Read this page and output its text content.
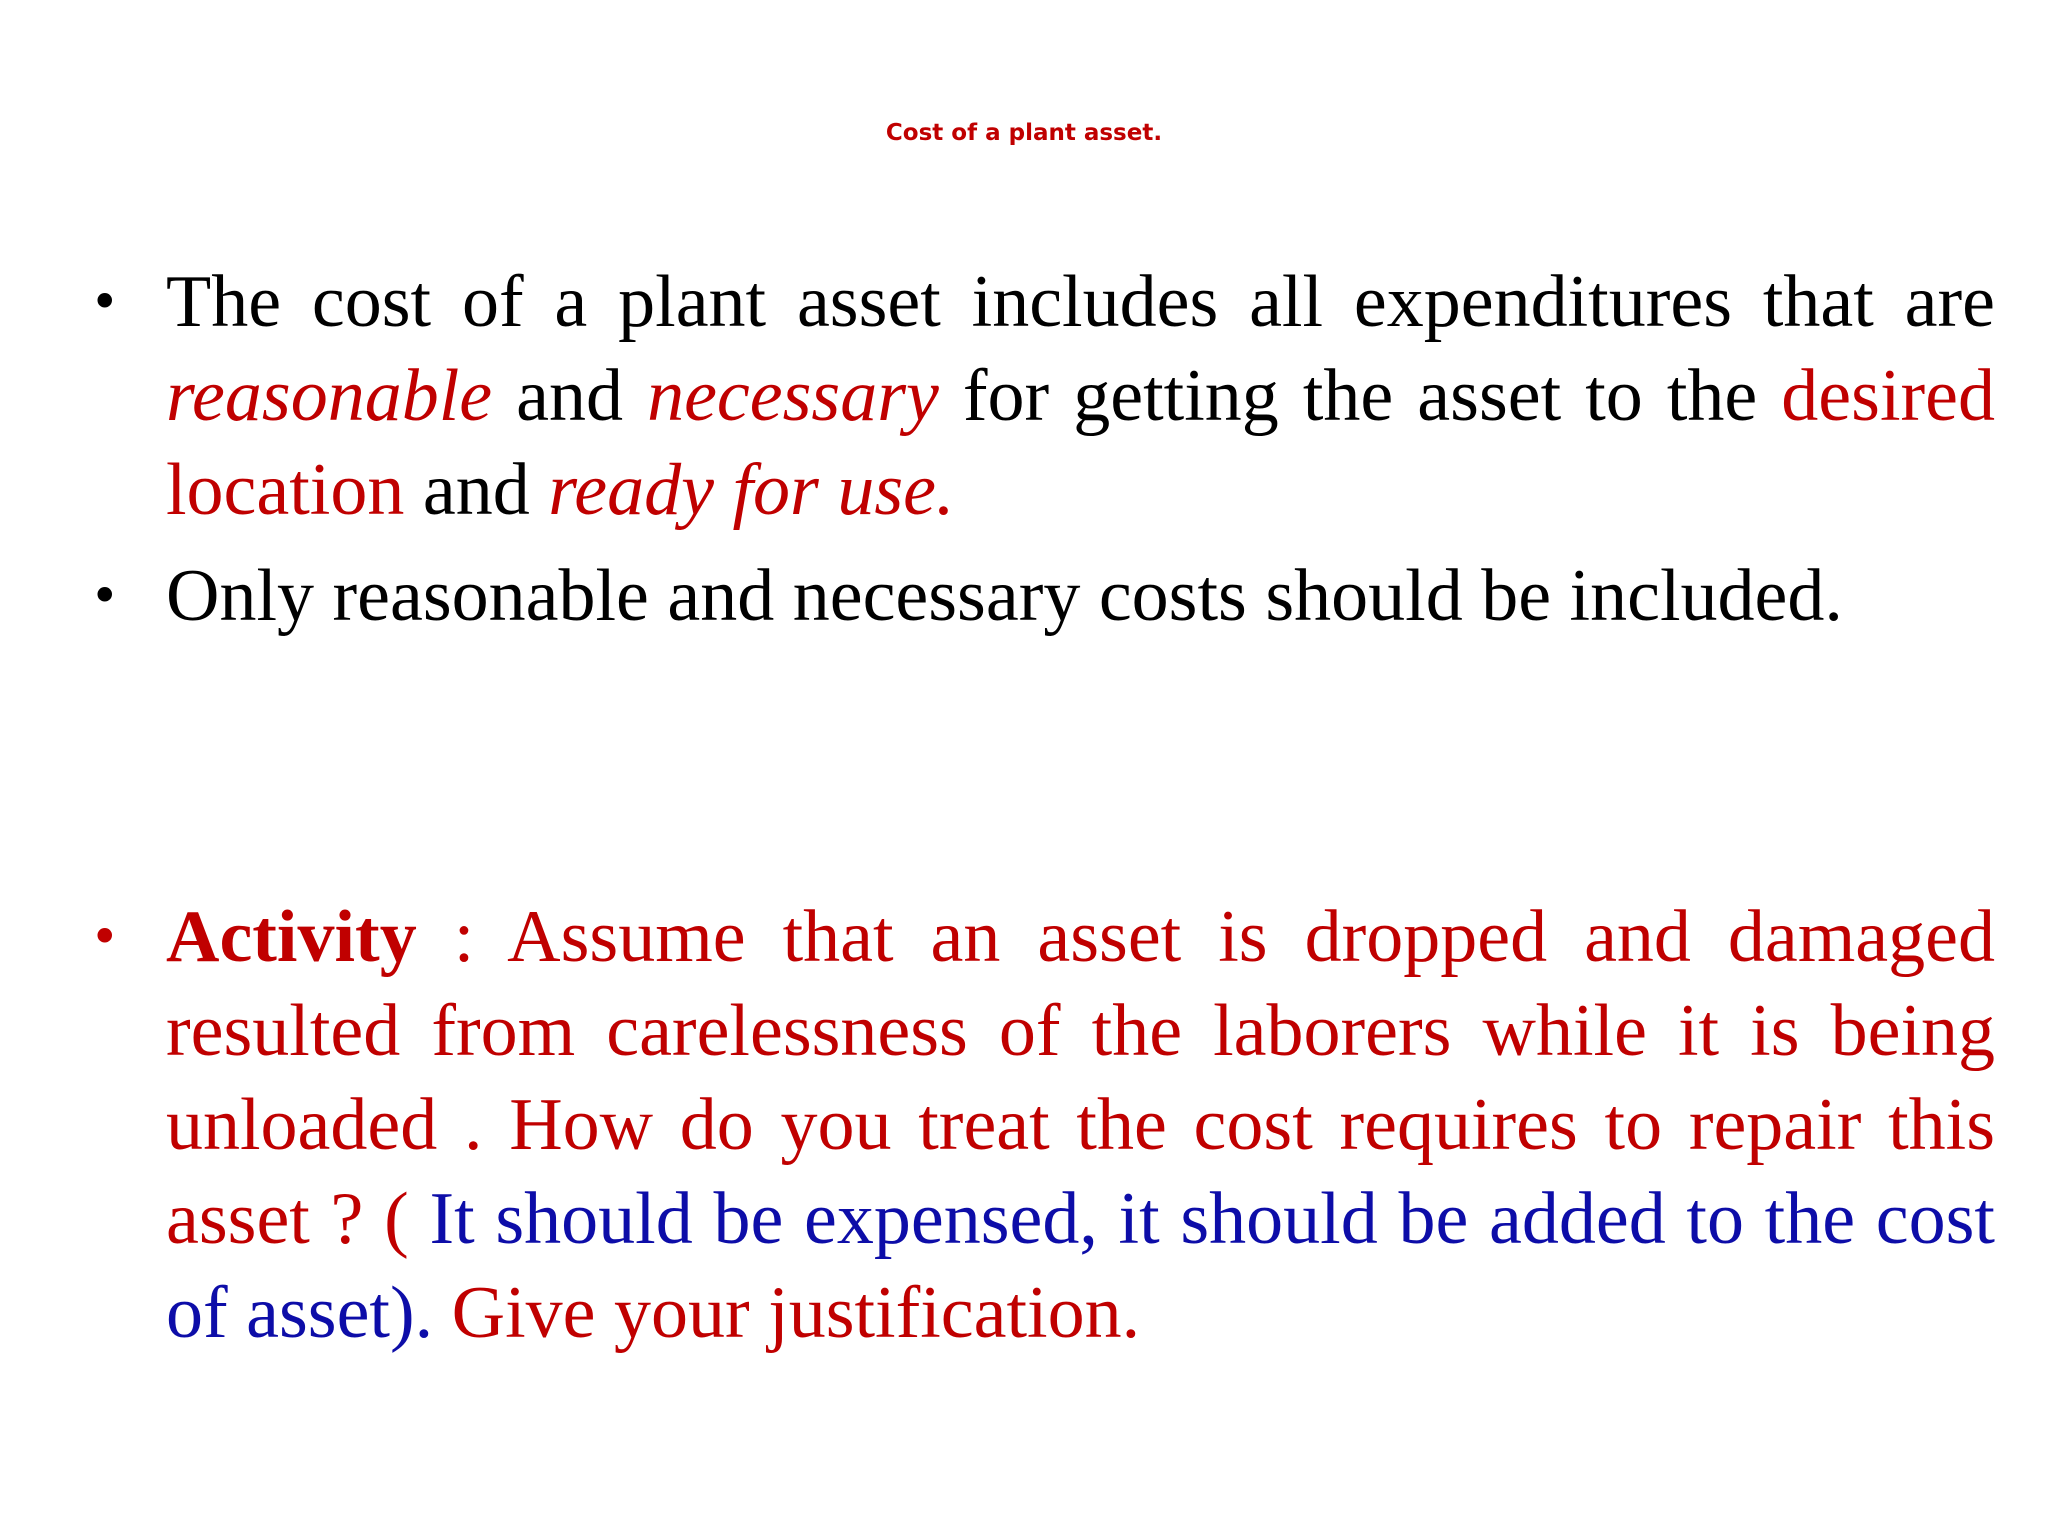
Cost of a plant asset.
• The cost of a plant asset includes all expenditures that are reasonable and necessary for getting the asset to the desired location and ready for use.
• Only reasonable and necessary costs should be included.
• Activity : Assume that an asset is dropped and damaged resulted from carelessness of the laborers while it is being unloaded . How do you treat the cost requires to repair this asset ? ( It should be expensed, it should be added to the cost of asset). Give your justification.
